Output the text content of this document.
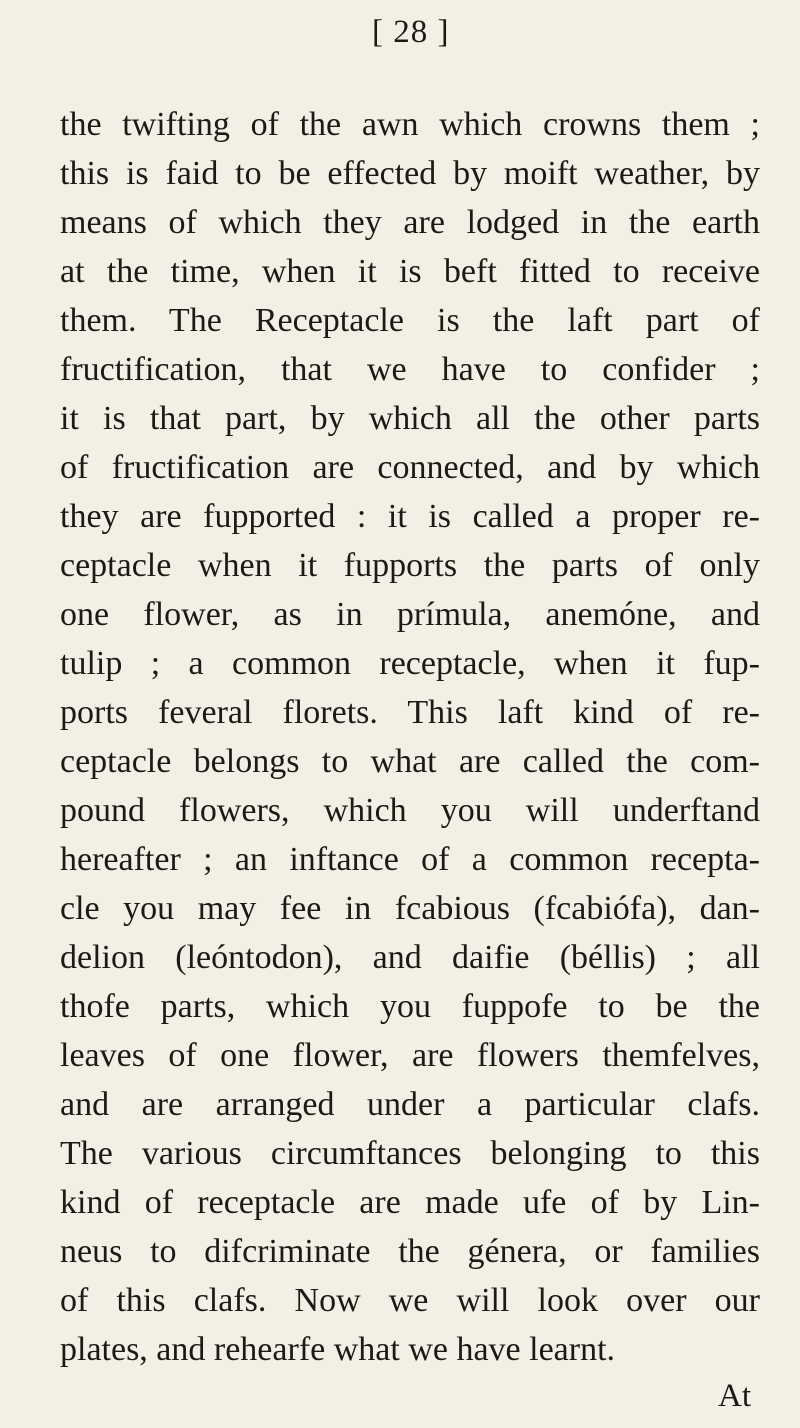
[ 28 ]
the twifting of the awn which crowns them ;
this is faid to be effected by moift weather, by
means of which they are lodged in the earth
at the time, when it is beft fitted to receive
them. The Receptacle is the laft part of
fructification, that we have to confider ;
it is that part, by which all the other parts
of fructification are connected, and by which
they are fupported : it is called a proper re-
ceptacle when it fupports the parts of only
one flower, as in prímula, anemóne, and
tulip ; a common receptacle, when it fup-
ports feveral florets. This laft kind of re-
ceptacle belongs to what are called the com-
pound flowers, which you will underftand
hereafter ; an inftance of a common recepta-
cle you may fee in fcabious (fcabiófa), dan-
delion (leóntodon), and daifie (béllis) ; all
thofe parts, which you fuppofe to be the
leaves of one flower, are flowers themfelves,
and are arranged under a particular clafs.
The various circumftances belonging to this
kind of receptacle are made ufe of by Lin-
neus to difcriminate the génera, or families
of this clafs. Now we will look over our
plates, and rehearfe what we have learnt.
At
